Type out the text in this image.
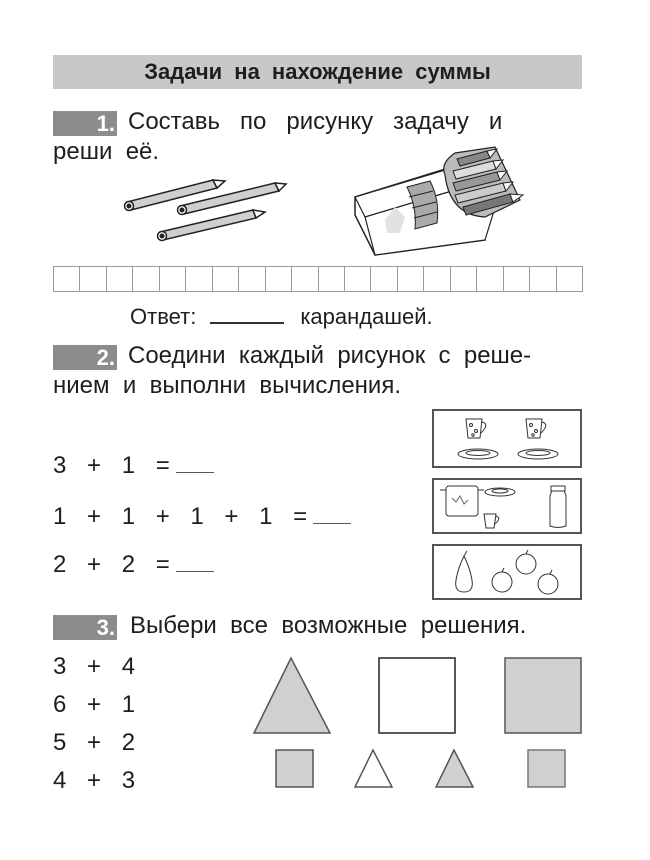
Задачи на нахождение суммы
1. Составь   по   рисунку   задачу   и
реши  её.
Ответ:	карандашей.
2. Соедини  каждый  рисунок  с  реше-
нием  и  выполни  вычисления.
3 + 1 =
1 + 1 + 1 + 1 =
2 + 2 =
3. Выбери  все  возможные  решения.
3 + 4
6 + 1
5 + 2
4 + 3
